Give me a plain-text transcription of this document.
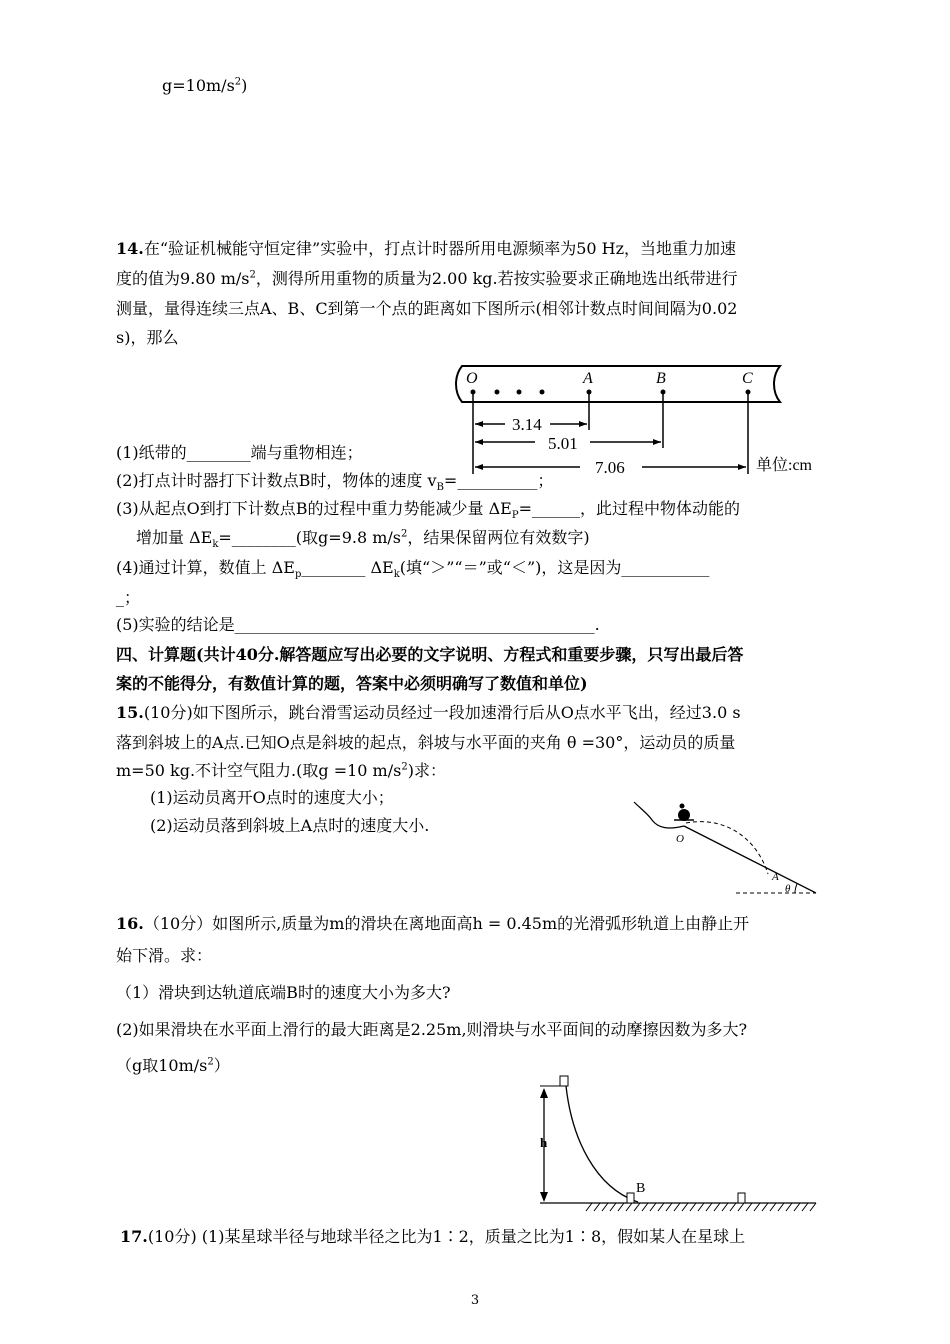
$g=10m/s^2$)
14.在“验证机械能守恒定律”实验中，打点计时器所用电源频率为50 Hz，当地重力加速
度的值为9.80 $m/s^2$，测得所用重物的质量为2.00 kg.若按实验要求正确地选出纸带进行
测量，量得连续三点A、B、C到第一个点的距离如下图所示(相邻计数点时间间隔为0.02
s)，那么
O	A	B	C
3.14
5.01
7.06	单位:cm
(1)纸带的________端与重物相连；
(2)打点计时器打下计数点B时，物体的速度 $v_B=\_\_\_\_\_\_\_\_\_\_$；
(3)从起点O到打下计数点B的过程中重力势能减少量 $\Delta E_P=\_\_\_\_\_\_$，此过程中物体动能的
增加量 $\Delta E_k=\_\_\_\_\_\_\_\_$(取g=9.8 $m/s^2$，结果保留两位有效数字)
(4)通过计算，数值上 $\Delta E_p\_\_\_\_\_\_\_\_$ $\Delta E_k$(填“＞”“＝”或“＜”)，这是因为___________
_；
(5)实验的结论是_____________________________________________.
四、计算题(共计40分.解答题应写出必要的文字说明、方程式和重要步骤，只写出最后答
案的不能得分，有数值计算的题，答案中必须明确写了数值和单位)
15.(10分)如下图所示，跳台滑雪运动员经过一段加速滑行后从O点水平飞出，经过3.0 s
落到斜坡上的A点.已知O点是斜坡的起点，斜坡与水平面的夹角 θ =30°，运动员的质量
m=50 kg.不计空气阻力.(取g =10 $m/s^2$)求：
(1)运动员离开O点时的速度大小；
(2)运动员落到斜坡上A点时的速度大小.
O
A
θ
16.（10分）如图所示,质量为m的滑块在离地面高h = 0.45m的光滑弧形轨道上由静止开
始下滑。求：
（1）滑块到达轨道底端B时的速度大小为多大?
(2)如果滑块在水平面上滑行的最大距离是2.25m,则滑块与水平面间的动摩擦因数为多大?
（g取$10m/s^2$）
h
B
17.(10分) (1)某星球半径与地球半径之比为1∶2，质量之比为1∶8，假如某人在星球上
3
